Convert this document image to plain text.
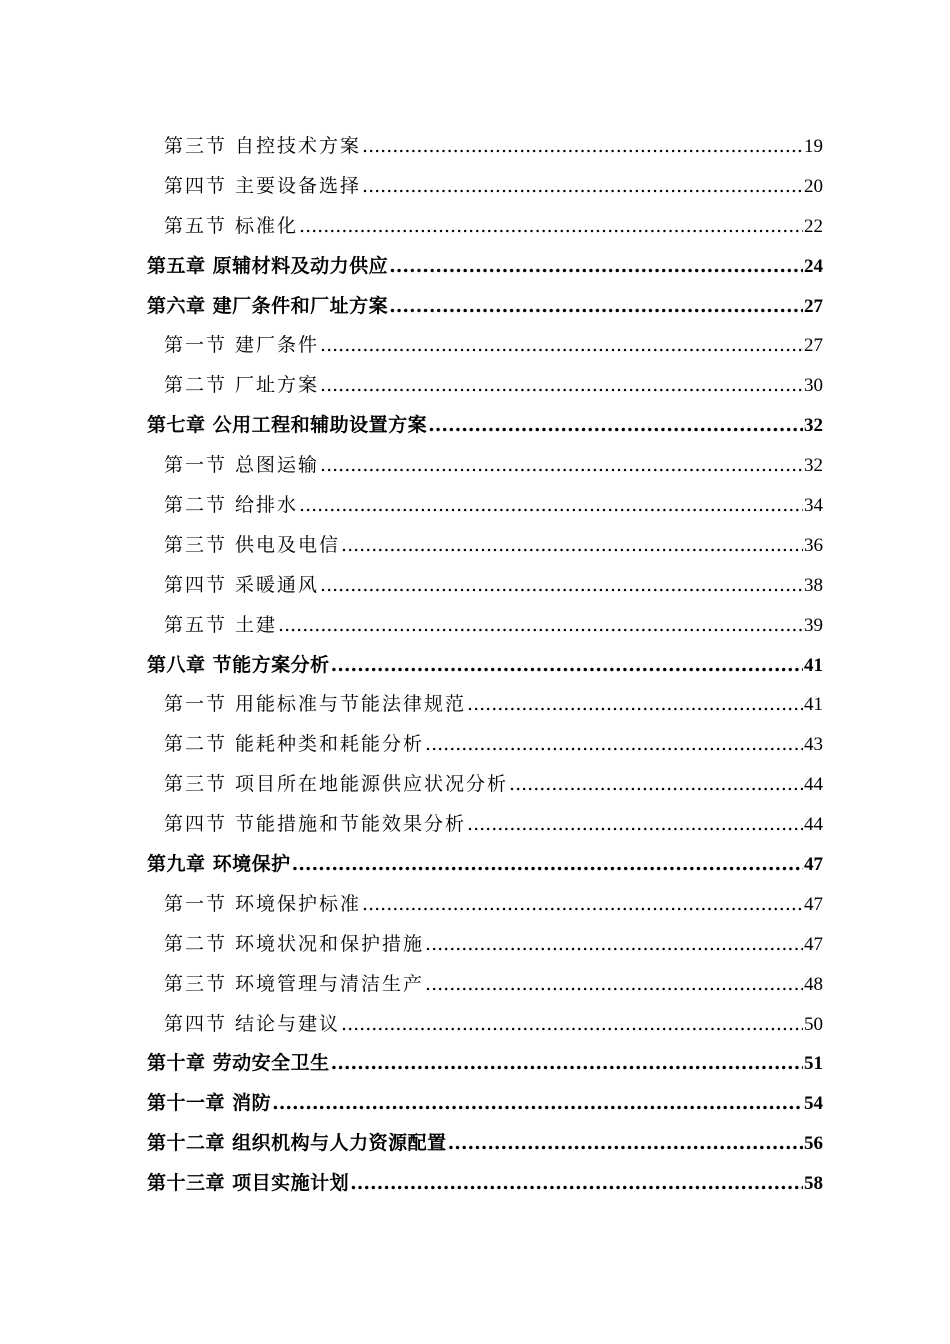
第三节 自控技术方案 .....	19
第四节 主要设备选择 .....	20
第五节 标准化 .....	22
第五章 原辅材料及动力供应 .....	24
第六章 建厂条件和厂址方案 .....	27
第一节 建厂条件 .....	27
第二节 厂址方案 .....	30
第七章 公用工程和辅助设置方案 .....	32
第一节 总图运输 .....	32
第二节 给排水 .....	34
第三节 供电及电信 .....	36
第四节 采暖通风 .....	38
第五节 土建 .....	39
第八章 节能方案分析 .....	41
第一节 用能标准与节能法律规范 .....	41
第二节 能耗种类和耗能分析 .....	43
第三节 项目所在地能源供应状况分析 .....	44
第四节 节能措施和节能效果分析 .....	44
第九章 环境保护 .....	47
第一节 环境保护标准 .....	47
第二节 环境状况和保护措施 .....	47
第三节 环境管理与清洁生产 .....	48
第四节 结论与建议 .....	50
第十章 劳动安全卫生 .....	51
第十一章 消防 .....	54
第十二章 组织机构与人力资源配置 .....	56
第十三章 项目实施计划 .....	58
